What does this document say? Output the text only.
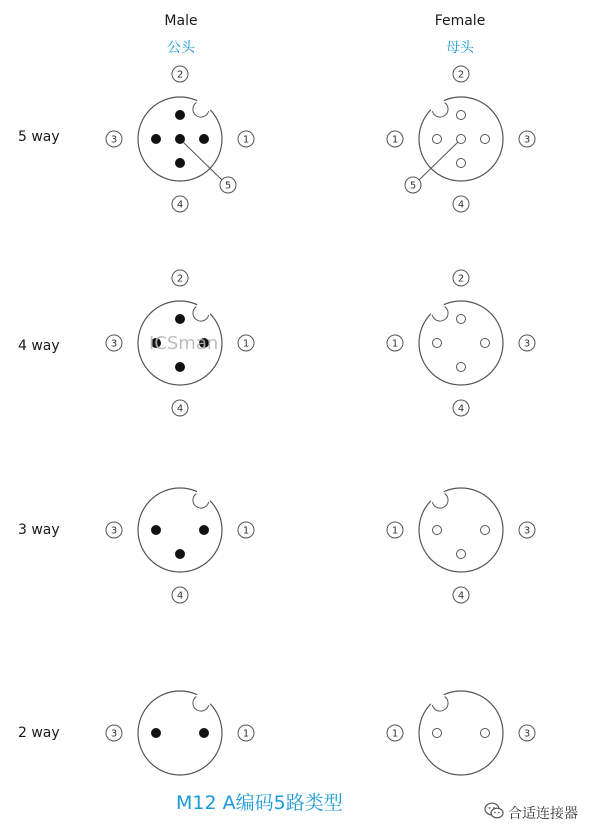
Male
公头
Female
母头
5 way
4 way
3 way
2 way
1
3
2
4
5
1	3
2
4
5
1
3
2
4
1	3
2
4
1
3
4
1	3
4
1
3	1	3
ICSman
M12 A编码5路类型	合适连接器
